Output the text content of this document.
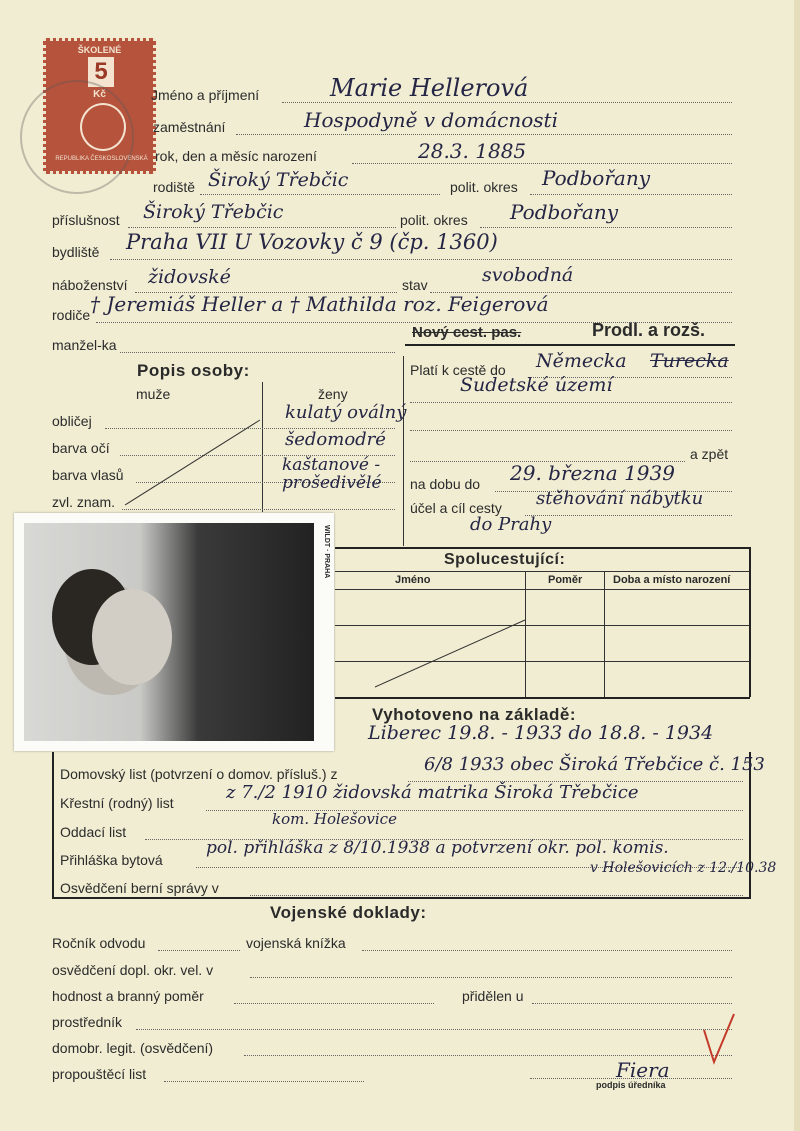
ŠKOLENÉ
5
Kč
REPUBLIKA ČESKOSLOVENSKÁ
Jméno a příjmení	Marie Hellerová
zaměstnání	Hospodyně v domácnosti
rok, den a měsíc narození	28.3. 1885
rodiště Široký Třebčic	polit. okres Podbořany
příslušnost Široký Třebčic	polit. okres Podbořany
bydliště Praha VII U Vozovky č 9 (čp. 1360)
náboženství židovské	stav	svobodná
rodiče † Jeremiáš Heller a † Mathilda roz. Feigerová
manžel-ka
Nový cest. pas.	Prodl. a rozš.
Platí k cestě do Německa Turecka
Sudetské území
a zpět
na dobu do 29. března 1939
účel a cíl cesty stěhování nábytku
do Prahy
Popis osoby:
muže	ženy
obličej	kulatý oválný
barva očí	šedomodré
barva vlasů	kaštanové - prošedivělé
zvl. znam.
Spolucestující:
Jméno	Poměr	Doba a místo narození
WILDT · PRAHA
Vyhotoveno na základě:
Liberec 19.8. - 1933 do 18.8. - 1934
Domovský list (potvrzení o domov. přísluš.) z	6/8 1933 obec Široká Třebčice č. 153
Křestní (rodný) list	z 7./2 1910 židovská matrika Široká Třebčice
Oddací list
kom. Holešovice
Přihláška bytová
pol. přihláška z 8/10.1938 a potvrzení okr. pol. komis.
Osvědčení berní správy v
v Holešovicích z 12./10.38
Vojenské doklady:
Ročník odvodu	vojenská knížka
osvědčení dopl. okr. vel. v
hodnost a branný poměr	přidělen u
prostředník
domobr. legit. (osvědčení)
propouštěcí list	Fiera
podpis úředníka
